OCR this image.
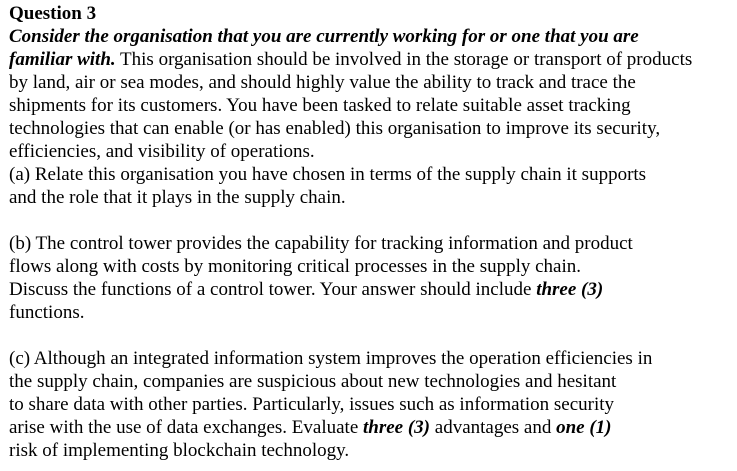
Question 3
Consider the organisation that you are currently working for or one that you are
familiar with. This organisation should be involved in the storage or transport of products
by land, air or sea modes, and should highly value the ability to track and trace the
shipments for its customers. You have been tasked to relate suitable asset tracking
technologies that can enable (or has enabled) this organisation to improve its security,
efficiencies, and visibility of operations.
(a) Relate this organisation you have chosen in terms of the supply chain it supports
and the role that it plays in the supply chain.
(b) The control tower provides the capability for tracking information and product
flows along with costs by monitoring critical processes in the supply chain.
Discuss the functions of a control tower. Your answer should include three (3)
functions.
(c) Although an integrated information system improves the operation efficiencies in
the supply chain, companies are suspicious about new technologies and hesitant
to share data with other parties. Particularly, issues such as information security
arise with the use of data exchanges. Evaluate three (3) advantages and one (1)
risk of implementing blockchain technology.
